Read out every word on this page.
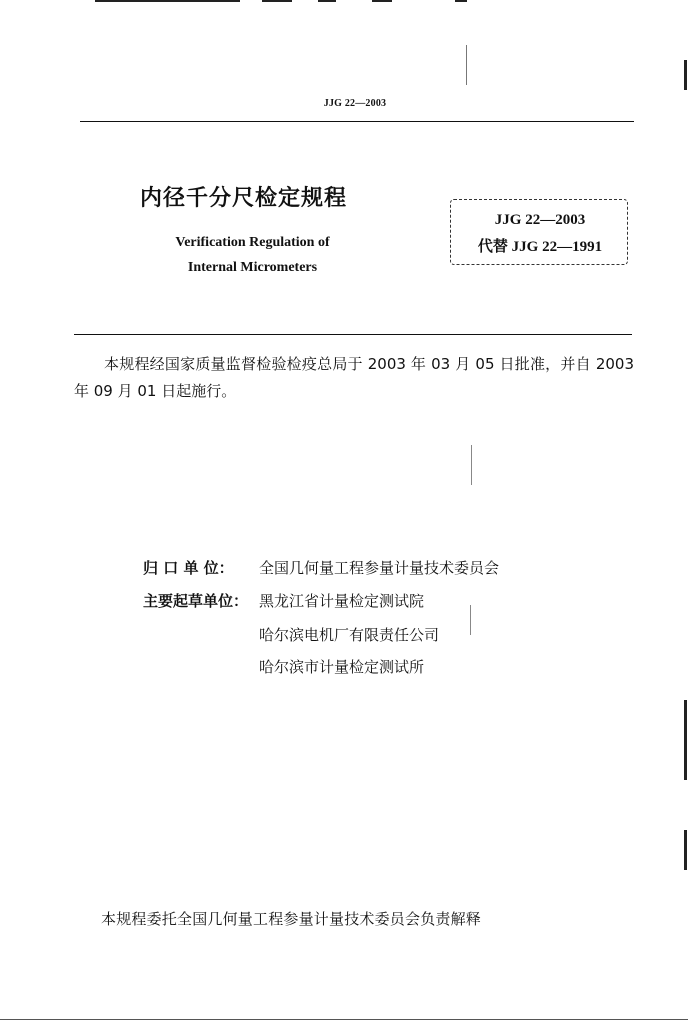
JJG 22—2003
内径千分尺检定规程
Verification Regulation of
Internal Micrometers
JJG 22—2003
代替 JJG 22—1991
本规程经国家质量监督检验检疫总局于 2003 年 03 月 05 日批准，并自 2003 年 09 月 01 日起施行。
归 口 单 位： 全国几何量工程参量计量技术委员会
主要起草单位： 黑龙江省计量检定测试院
哈尔滨电机厂有限责任公司
哈尔滨市计量检定测试所
本规程委托全国几何量工程参量计量技术委员会负责解释
